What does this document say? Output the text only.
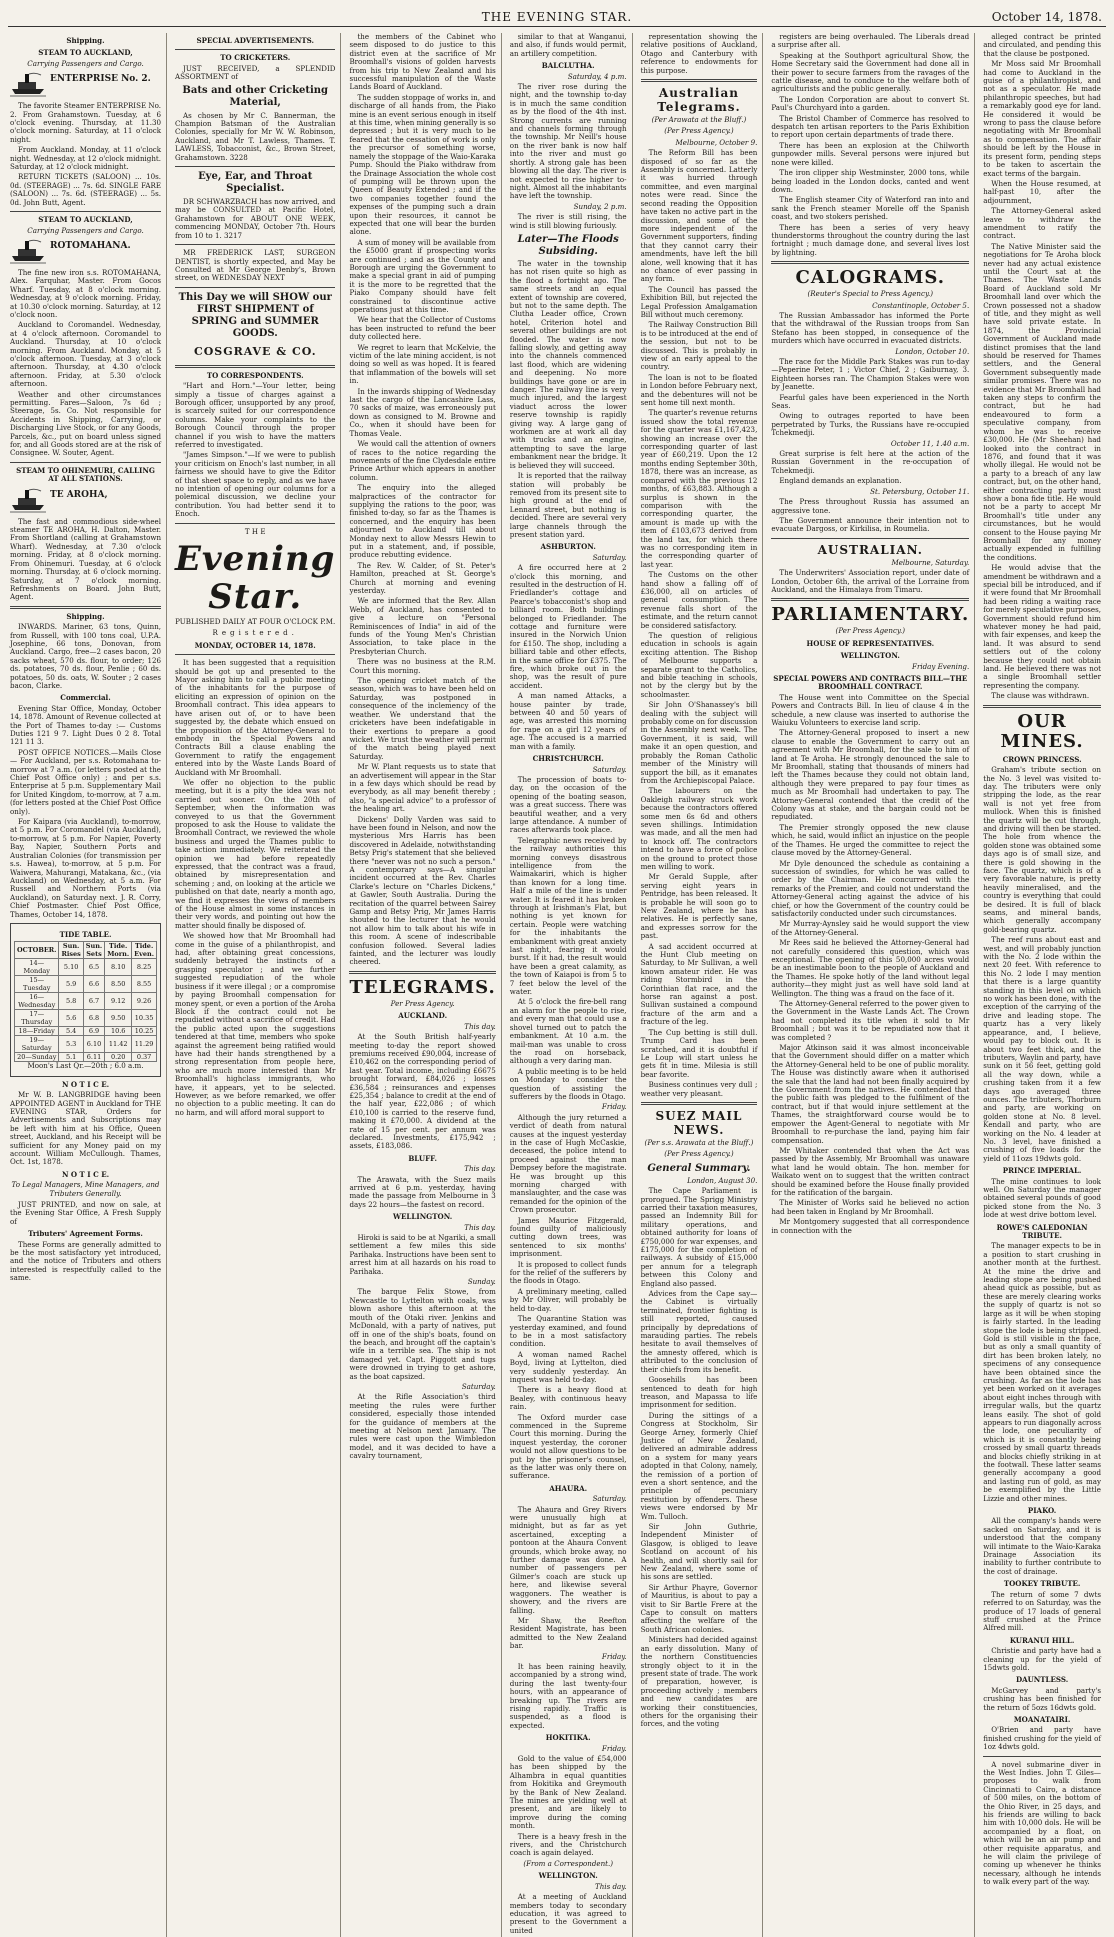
THE EVENING STAR.	October 14, 1878.
Shipping.
STEAM TO AUCKLAND,
Carrying Passengers and Cargo.
ENTERPRISE No. 2.

The favorite Steamer ENTERPRISE No. 2. From Grahamstown. Tuesday, at 6 o'clock evening. Thursday, at 11.30 o'clock morning. Saturday, at 11 o'clock night.

From Auckland. Monday, at 11 o'clock night. Wednesday, at 12 o'clock midnight. Saturday, at 12 o'clock midnight.

RETURN TICKETS (SALOON) ... 10s. 0d. (STEERAGE) ... 7s. 6d. SINGLE FARE (SALOON) ... 7s. 6d. (STEERAGE) ... 5s. 0d. John Butt, Agent.

STEAM TO AUCKLAND,
Carrying Passengers and Cargo.
ROTOMAHANA.

The fine new iron s.s. ROTOMAHANA, Alex. Farquhar, Master. From Gocos Wharf. Tuesday, at 8 o'clock morning. Wednesday, at 9 o'clock morning. Friday, at 10.30 o'clock morning. Saturday, at 12 o'clock noon.

Auckland to Coromandel. Wednesday, at 4 o'clock afternoon. Coromandel to Auckland. Thursday, at 10 o'clock morning. From Auckland. Monday, at 5 o'clock afternoon. Tuesday, at 3 o'clock afternoon. Thursday, at 4.30 o'clock afternoon. Friday, at 5.30 o'clock afternoon.

Weather and other circumstances permitting. Fares—Saloon, 7s 6d ; Steerage, 5s. Co. Not responsible for Accidents in Shipping, Carrying, or Discharging Live Stock, or for any Goods, Parcels, &c., put on board unless signed for, and all Goods stored are at the risk of Consignee. W. Souter, Agent.

STEAM TO OHINEMURI, CALLING AT ALL STATIONS.
TE AROHA,

The fast and commodious side-wheel steamer TE AROHA, H. Dalton, Master. From Shortland (calling at Grahamstown Wharf). Wednesday, at 7.30 o'clock morning. Friday, at 8 o'clock morning. From Ohinemuri. Tuesday, at 6 o'clock morning. Thursday, at 6 o'clock morning. Saturday, at 7 o'clock morning. Refreshments on Board. John Butt, Agent.

Shipping.

INWARDS. Mariner, 63 tons, Quinn, from Russell, with 100 tons coal, U.P.A. Josephine, 66 tons, Donovan, from Auckland. Cargo, free—2 cases bacon, 20 sacks wheat, 570 ds. flour, to order; 126 ds. potatoes, 70 ds. flour, Penlie ; 60 ds. potatoes, 50 ds. oats, W. Souter ; 2 cases bacon, Clarke.

Commercial.

Evening Star Office, Monday, October 14, 1878. Amount of Revenue collected at the Port of Thames to-day :— Customs Duties 121 9 7. Light Dues 0 2 8. Total 121 11 3.

POST OFFICE NOTICES.—Mails Close— For Auckland, per s.s. Rotomahana to-morrow at 7 a.m. (or letters posted at the Chief Post Office only) ; and per s.s. Enterprise at 5 p.m. Supplementary Mail for United Kingdom, to-morrow, at 7 a.m. (for letters posted at the Chief Post Office only).

For Kaipara (via Auckland), to-morrow, at 5 p.m. For Coromandel (via Auckland), to-morrow, at 5 p.m. For Napier, Poverty Bay, Napier, Southern Ports and Australian Colonies (for transmission per s.s. Hawea), to-morrow, at 5 p.m. For Waiwera, Mahurangi, Matakana, &c., (via Auckland) on Wednesday, at 5 a.m. For Russell and Northern Ports (via Auckland), on Saturday next. J. R. Corry, Chief Postmaster. Chief Post Office, Thames, October 14, 1878.

TIDE TABLE.
OCTOBER.	Sun. Rises	Sun. Sets	Tide. Morn.	Tide. Even.
14—Monday	5.10	6.5	8.10	8.25
15—Tuesday	5.9	6.6	8.50	8.55
16—Wednesday	5.8	6.7	9.12	9.26
17—Thursday	5.6	6.8	9.50	10.35
18—Friday	5.4	6.9	10.6	10.25
19—Saturday	5.3	6.10	11.42	11.29
20—Sunday	5.1	6.11	0.20	0.37
Moon's Last Qr.—20th ; 6.0 a.m.
N O T I C E.

Mr W. B. LANGBRIDGE having been APPOINTED AGENT in Auckland for THE EVENING STAR, Orders for Advertisements and Subscriptions may be left with him at his Office, Queen street, Auckland, and his Receipt will be sufficient for any Money paid on my account. William McCullough. Thames, Oct. 1st, 1878.

N O T I C E.
To Legal Managers, Mine Managers, and Tributers Generally.

JUST PRINTED, and now on sale, at the Evening Star Office, A Fresh Supply of

Tributers' Agreement Forms.

These Forms are generally admitted to be the most satisfactory yet introduced, and the notice of Tributers and others interested is respectfully called to the same.

SPECIAL ADVERTISEMENTS.
TO CRICKETERS.

JUST RECEIVED, a SPLENDID ASSORTMENT of

Bats and other Cricketing Material,

As chosen by Mr C. Bannerman, the Champion Batsman of the Australian Colonies, specially for Mr W. W. Robinson, Auckland, and Mr T. Lawless, Thames. T. LAWLESS, Tobacconist, &c., Brown Street, Grahamstown. 3228

Eye, Ear, and Throat Specialist.

DR SCHWARZBACH has now arrived, and may be CONSULTED at Pacific Hotel, Grahamstown for ABOUT ONE WEEK, commencing MONDAY, October 7th. Hours from 10 to 1. 3217

MR FREDERICK LAST, SURGEON DENTIST, is shortly expected, and May be Consulted at Mr George Denby's, Brown street, on WEDNESDAY NEXT

This Day we will SHOW our FIRST SHIPMENT of SPRING and SUMMER GOODS.
COSGRAVE & CO.
TO CORRESPONDENTS.

"Hart and Horn."—Your letter, being simply a tissue of charges against a Borough officer, unsupported by any proof, is scarcely suited for our correspondence columns. Make your complaints to the Borough Council through the proper channel if you wish to have the matters referred to investigated.

"James Simpson."—If we were to publish your criticism on Enoch's last number, in all fairness we should have to give the Editor of that sheet space to reply, and as we have no intention of opening our columns for a polemical discussion, we decline your contribution. You had better send it to Enoch.

T H E
Evening Star.
PUBLISHED DAILY AT FOUR O'CLOCK P.M.
Registered.
MONDAY, OCTOBER 14, 1878.

It has been suggested that a requisition should be got up and presented to the Mayor asking him to call a public meeting of the inhabitants for the purpose of eliciting an expression of opinion on the Broomhall contract. This idea appears to have arisen out of, or to have been suggested by, the debate which ensued on the proposition of the Attorney-General to embody in the Special Powers and Contracts Bill a clause enabling the Government to ratify the engagement entered into by the Waste Lands Board of Auckland with Mr Broomhall.

We offer no objection to the public meeting, but it is a pity the idea was not carried out sooner. On the 20th of September, when the information was conveyed to us that the Government proposed to ask the House to validate the Broomhall Contract, we reviewed the whole business and urged the Thames public to take action immediately. We reiterated the opinion we had before repeatedly expressed, that the contract was a fraud, obtained by misrepresentation and scheming ; and, on looking at the article we published on that date, nearly a month ago, we find it expresses the views of members of the House almost in some instances in their very words, and pointing out how the matter should finally be disposed of.

We showed how that Mr Broomhall had come in the guise of a philanthropist, and had, after obtaining great concessions, suddenly betrayed the instincts of a grasping speculator ; and we further suggested repudiation of the whole business if it were illegal ; or a compromise by paying Broomhall compensation for money spent, or even a portion of the Aroha Block if the contract could not be repudiated without a sacrifice of credit. Had the public acted upon the suggestions tendered at that time, members who spoke against the agreement being ratified would have had their hands strengthened by a strong representation from people here, who are much more interested than Mr Broomhall's highclass immigrants, who have, it appears, yet to be selected. However, as we before remarked, we offer no objection to a public meeting. It can do no harm, and will afford moral support to

the members of the Cabinet who seem disposed to do justice to this district even at the sacrifice of Mr Broomhall's visions of golden harvests from his trip to New Zealand and his successful manipulation of the Waste Lands Board of Auckland.

The sudden stoppage of works in, and discharge of all hands from, the Piako mine is an event serious enough in itself at this time, when mining generally is so depressed ; but it is very much to be feared that the cessation of work is only the precursor of something worse, namely the stoppage of the Waio-Karaka Pump. Should the Piako withdraw from the Drainage Association the whole cost of pumping will be thrown upon the Queen of Beauty Extended ; and if the two companies together found the expenses of the pumping such a drain upon their resources, it cannot be expected that one will bear the burden alone.

A sum of money will be available from the £5000 grant if prospecting works are continued ; and as the County and Borough are urging the Government to make a special grant in aid of pumping it is the more to be regretted that the Piako Company should have felt constrained to discontinue active operations just at this time.

We hear that the Collector of Customs has been instructed to refund the beer duty collected here.

We regret to learn that McKelvie, the victim of the late mining accident, is not doing so well as was hoped. It is feared that inflammation of the bowels will set in.

In the inwards shipping of Wednesday last the cargo of the Lancashire Lass, 70 sacks of maize, was erroneously put down as consigned to M. Browne and Co., when it should have been for Thomas Veale.

We would call the attention of owners of races to the notice regarding the movements of the fine Clydesdale entire Prince Arthur which appears in another column.

The enquiry into the alleged malpractices of the contractor for supplying the rations to the poor, was finished to-day, so far as the Thames is concerned, and the enquiry has been adjourned to Auckland till about Monday next to allow Messrs Hewin to put in a statement, and, if possible, produce rebutting evidence.

The Rev. W. Calder, of St. Peter's Hamilton, preached at St. George's Church at morning and evening yesterday.

We are informed that the Rev. Allan Webb, of Auckland, has consented to give a lecture on "Personal Reminiscences of India" in aid of the funds of the Young Men's Christian Association, to take place in the Presbyterian Church.

There was no business at the R.M. Court this morning.

The opening cricket match of the season, which was to have been held on Saturday, was postponed in consequence of the inclemency of the weather. We understand that the cricketers have been indefatigable in their exertions to prepare a good wicket. We trust the weather will permit of the match being played next Saturday.

Mr W. Plant requests us to state that an advertisement will appear in the Star in a few days which should be read by everybody, as all may benefit thereby ; also, "a special advice" to a professor of the healing art.

Dickens' Dolly Varden was said to have been found in Nelson, and now the mysterious Mrs Harris has been discovered in Adelaide, notwithstanding Betsy Prig's statement that she believed there "never was not no such a person." A contemporary says—A singular incident occurred at the Rev. Charles Clarke's lecture on "Charles Dickens," at Gawler, South Australia. During the recitation of the quarrel between Sairey Gamp and Betsy Prig, Mr James Harris shouted to the lecturer that he would not allow him to talk about his wife in this room. A scene of indescribable confusion followed. Several ladies fainted, and the lecturer was loudly cheered.

TELEGRAMS.
Per Press Agency.
AUCKLAND.
This day.

At the South British half-yearly meeting to-day the report showed premiums received £90,004, increase of £10,462 on the corresponding period of last year. Total income, including £6675 brought forward, £84,026 ; losses £36,584 ; reinsurances and expenses £25,354 ; balance to credit at the end of the half year, £22,086 ; of which £10,100 is carried to the reserve fund, making it £70,000. A dividend at the rate of 15 per cent. per annum was declared. Investments, £175,942 ; assets, £183,086.

BLUFF.
This day.

The Arawata, with the Suez mails arrived at 6 p.m. yesterday, having made the passage from Melbourne in 3 days 22 hours—the fastest on record.

WELLINGTON.
This day.

Hiroki is said to be at Ngariki, a small settlement a few miles this side Parihaka. Instructions have been sent to arrest him at all hazards on his road to Parihaka.

Sunday.

The barque Felix Stowe, from Newcastle to Lyttelton with coals, was blown ashore this afternoon at the mouth of the Otaki river. Jenkins and McDonald, with a party of natives, put off in one of the ship's boats, found on the beach, and brought off the captain's wife in a terrible sea. The ship is not damaged yet. Capt. Piggott and tugs were drowned in trying to get ashore, as the boat capsized.

Saturday.

At the Rifle Association's third meeting the rules were further considered, especially those intended for the guidance of members at the meeting at Nelson next January. The rules were cast upon the Wimbledon model, and it was decided to have a cavalry tournament,

similar to that at Wanganui, and also, if funds would permit, an artillery competition.

BALCLUTHA.
Saturday, 4 p.m.

The river rose during the night, and the township to-day is in much the same condition as by the flood of the 4th inst. Strong currents are running and channels forming through the township. Mr Neill's house on the river bank is now half into the river and must go shortly. A strong gale has been blowing all the day. The river is not expected to rise higher to-night. Almost all the inhabitants have left the township.

Sunday, 2 p.m.

The river is still rising, the wind is still blowing furiously.

Later—The Floods Subsiding.

The water in the township has not risen quite so high as the flood a fortnight ago. The same streets and an equal extent of township are covered, but not to the same depth. The Clutha Leader office, Crown hotel, Criterion hotel and several other buildings are not flooded. The water is now falling slowly, and getting away into the channels commenced last flood, which are widening and deepening. No more buildings have gone or are in danger. The railway line is very much injured, and the largest viaduct across the lower reserve township is rapidly giving way. A large gang of workmen are at work all day with trucks and an engine, attempting to save the large embankment near the bridge. It is believed they will succeed.

It is reported that the railway station will probably be removed from its present site to high ground at the end of Lennard street, but nothing is decided. There are several very large channels through the present station yard.

ASHBURTON.
Saturday.

A fire occurred here at 2 o'clock this morning, and resulted in the destruction of H. Friedlander's cottage and Pearce's tobacconist's shop and billiard room. Both buildings belonged to Friedlander. The cottage and furniture were insured in the Norwich Union for £150. The shop, including a billiard table and other effects, in the same office for £375. The fire, which broke out in the shop, was the result of pure accident.

A man named Attacks, a house painter by trade, between 40 and 50 years of age, was arrested this morning for rape on a girl 12 years of age. The accused is a married man with a family.

CHRISTCHURCH.
Saturday.

The procession of boats to-day, on the occasion of the opening of the boating season, was a great success. There was beautiful weather, and a very large attendance. A number of races afterwards took place.

Telegraphic news received by the railway authorities this morning conveys disastrous intelligence from the Waimakariri, which is higher than known for a long time. Half a mile of the line is under water. It is feared it has broken through at Irishman's Flat, but nothing is yet known for certain. People were watching for the inhabitants the embankment with great anxiety last night, fearing it would burst. If it had, the result would have been a great calamity, as the town of Kaiapoi is from 5 to 7 feet below the level of the water.

At 5 o'clock the fire-bell rang an alarm for the people to rise, and every man that could use a shovel turned out to patch the embankment. At 10 a.m. the mail-man was unable to cross the road on horseback, although a very daring man.

A public meeting is to be held on Monday to consider the question of assisting the sufferers by the floods in Otago.

Friday.

Although the jury returned a verdict of death from natural causes at the inquest yesterday in the case of Hugh McCaskie, deceased, the police intend to proceed against the man Dempsey before the magistrate. He was brought up this morning charged with manslaughter, and the case was remanded for the opinion of the Crown prosecutor.

James Maurice Fitzgerald, found guilty of maliciously cutting down trees, was sentenced to six months' imprisonment.

It is proposed to collect funds for the relief of the sufferers by the floods in Otago.

A preliminary meeting, called by Mr Oliver, will probably be held to-day.

The Quarantine Station was yesterday examined, and found to be in a most satisfactory condition.

A woman named Rachel Boyd, living at Lyttelton, died very suddenly yesterday. An inquest was held to-day.

There is a heavy flood at Bealey, with continuous heavy rain.

The Oxford murder case commenced in the Supreme Court this morning. During the inquest yesterday, the coroner would not allow questions to be put by the prisoner's counsel, as the latter was only there on sufferance.

AHAURA.
Saturday.

The Ahaura and Grey Rivers were unusually high at midnight, but as far as yet ascertained, excepting a pontoon at the Ahaura Convent grounds, which broke away, no further damage was done. A number of passengers per Gilmer's coach are stuck up here, and likewise several waggoners. The weather is showery, and the rivers are falling.

Mr Shaw, the Reefton Resident Magistrate, has been admitted to the New Zealand bar.

Friday.

It has been raining heavily, accompanied by a strong wind, during the last twenty-four hours, with an appearance of breaking up. The rivers are rising rapidly. Traffic is suspended, as a flood is expected.

HOKITIKA.
Friday.

Gold to the value of £54,000 has been shipped by the Alhambra in equal quantities from Hokitika and Greymouth by the Bank of New Zealand. The mines are yielding well at present, and are likely to improve during the coming month.

There is a heavy fresh in the rivers, and the Christchurch coach is again delayed.

(From a Correspondent.)
WELLINGTON.
This day.

At a meeting of Auckland members today to secondary education, it was agreed to present to the Government a united

representation showing the relative positions of Auckland, Otago and Canterbury with reference to endowments for this purpose.

Australian Telegrams.
(Per Arawata at the Bluff.)
(Per Press Agency.)
Melbourne, October 9.

The Reform Bill has been disposed of so far as the Assembly is concerned. Latterly it was hurried through committee, and even marginal notes were read. Since the second reading the Opposition have taken no active part in the discussion, and some of the more independent of the Government supporters, finding that they cannot carry their amendments, have left the bill alone, well knowing that it has no chance of ever passing in any form.

The Council has passed the Exhibition Bill, but rejected the Legal Profession Amalgamation Bill without much ceremony.

The Railway Construction Bill is to be introduced at the end of the session, but not to be discussed. This is probably in view of an early appeal to the country.

The loan is not to be floated in London before February next, and the debentures will not be sent home till next month.

The quarter's revenue returns issued show the total revenue for the quarter was £1,167,423, showing an increase over the corresponding quarter of last year of £60,219. Upon the 12 months ending September 30th, 1878, there was an increase, as compared with the previous 12 months, of £63,883. Although a surplus is shown in the comparison with the corresponding quarter, the amount is made up with the item of £103,673 derived from the land tax, for which there was no corresponding item in the corresponding quarter of last year.

The Customs on the other hand show a falling off of £36,000, all on articles of general consumption. The revenue falls short of the estimate, and the return cannot be considered satisfactory.

The question of religious education in schools is again exciting attention. The Bishop of Melbourne supports a separate grant to the Catholics, and bible teaching in schools, not by the clergy but by the schoolmaster.

Sir John O'Shanassey's bill dealing with the subject will probably come on for discussion in the Assembly next week. The Government, it is said, will make it an open question, and probably the Roman Catholic member of the Ministry will support the bill, as it emanates from the Archiepiscopal Palace.

The labourers on the Oakleigh railway struck work because the contractors offered some men 6s 6d and others seven shillings. Intimidation was made, and all the men had to knock off. The contractors intend to have a force of police on the ground to protect those men willing to work.

Mr Gerald Supple, after serving eight years in Pentridge, has been released. It is probable he will soon go to New Zealand, where he has relatives. He is perfectly sane, and expresses sorrow for the past.

A sad accident occurred at the Hunt Club meeting on Saturday, to Mr Sullivan, a well known amateur rider. He was riding Stormbird in the Corinthian flat race, and the horse ran against a post. Sullivan sustained a compound fracture of the arm and a fracture of the leg.

The Cup betting is still dull. Trump Card has been scratched, and it is doubtful if Le Loup will start unless he gets fit in time. Milesia is still bear favorite.

Business continues very dull ; weather very pleasant.

SUEZ MAIL NEWS.
(Per s.s. Arawata at the Bluff.)
(Per Press Agency.)
General Summary.
London, August 30.

The Cape Parliament is prorogued. The Sprigg Ministry carried their taxation measures, passed an Indemnity Bill for military operations, and obtained authority for loans of £750,000 for war expenses, and £175,000 for the completion of railways. A subsidy of £15,000 per annum for a telegraph between this Colony and England also passed.

Advices from the Cape say—the Cabinet is virtually terminated, frontier fighting is still reported, caused principally by depredations of marauding parties. The rebels hesitate to avail themselves of the amnesty offered, which is attributed to the conclusion of their chiefs from its benefit.

Goosehills has been sentenced to death for high treason, and Mapassa to life imprisonment for sedition.

During the sittings of a Congress at Stockholm, Sir George Arney, formerly Chief Justice of New Zealand, delivered an admirable address on a system for many years adopted in that Colony, namely, the remission of a portion of even a short sentence, and the principle of pecuniary restitution by offenders. These views were endorsed by Mr Wm. Tulloch.

Sir John Guthrie, Independent Minister of Glasgow, is obliged to leave Scotland on account of his health, and will shortly sail for New Zealand, where some of his sons are settled.

Sir Arthur Phayre, Governor of Mauritius, is about to pay a visit to Sir Bartle Frere at the Cape to consult on matters affecting the welfare of the South African colonies.

Ministers had decided against an early dissolution. Many of the northern Constituencies strongly object to it in the present state of trade. The work of preparation, however, is proceeding actively ; members and new candidates are working their constituencies, others for the organising their forces, and the voting

registers are being overhauled. The Liberals dread a surprise after all.

Speaking at the Southport agricultural Show, the Home Secretary said the Government had done all in their power to secure farmers from the ravages of the cattle disease, and to conduce to the welfare both of agriculturists and the public generally.

The London Corporation are about to convert St. Paul's Churchyard into a garden.

The Bristol Chamber of Commerce has resolved to despatch ten artisan reporters to the Paris Exhibition to report upon certain departments of trade there.

There has been an explosion at the Chilworth gunpowder mills. Several persons were injured but none were killed.

The iron clipper ship Westminster, 2000 tons, while being loaded in the London docks, canted and went down.

The English steamer City of Waterford ran into and sank the French steamer Morelle off the Spanish coast, and two stokers perished.

There has been a series of very heavy thunderstorms throughout the country during the last fortnight ; much damage done, and several lives lost by lightning.

CALOGRAMS.
(Reuter's Special to Press Agency.)
Constantinople, October 5.

The Russian Ambassador has informed the Porte that the withdrawal of the Russian troops from San Stefano has been stopped, in consequence of the murders which have occurred in evacuated districts.

London, October 10.

The race for the Middle Park Stakes was run to-day—Peperine Peter, 1 ; Victor Chief, 2 ; Gaiburnay, 3. Eighteen horses ran. The Champion Stakes were won by Jeanette.

Fearful gales have been experienced in the North Seas.

Owing to outrages reported to have been perpetrated by Turks, the Russians have re-occupied Tchekmedji.

October 11, 1.40 a.m.

Great surprise is felt here at the action of the Russian Government in the re-occupation of Tchekmedji.

England demands an explanation.

St. Petersburg, October 11.

The Press throughout Russia has assumed an aggressive tone.

The Government announce their intention not to evacuate Dargoss, or Kirkilisa, in Roumelia.

AUSTRALIAN.
Melbourne, Saturday.

The Underwriters' Association report, under date of London, October 6th, the arrival of the Lorraine from Auckland, and the Himalaya from Timaru.

PARLIAMENTARY.
(Per Press Agency.)
HOUSE OF REPRESENTATIVES.
WELLINGTON.
Friday Evening.
SPECIAL POWERS AND CONTRACTS BILL—THE BROOMHALL CONTRACT.

The House went into Committee on the Special Powers and Contracts Bill. In lieu of clause 4 in the schedule, a new clause was inserted to authorise the Waiuku Volunteers to exercise land scrip.

The Attorney-General proposed to insert a new clause to enable the Government to carry out an agreement with Mr Broomhall, for the sale to him of land at Te Aroha. He strongly denounced the sale to Mr Broomhall, stating that thousands of miners had left the Thames because they could not obtain land, although they were prepared to pay four times as much as Mr Broomhall had undertaken to pay. The Attorney-General contended that the credit of the Colony was at stake, and the bargain could not be repudiated.

The Premier strongly opposed the new clause which, he said, would inflict an injustice on the people of the Thames. He urged the committee to reject the clause moved by the Attorney-General.

Mr Dyle denounced the schedule as containing a succession of swindles, for which he was called to order by the Chairman. He concurred with the remarks of the Premier, and could not understand the Attorney-General acting against the advice of his chief, or how the Government of the country could be satisfactorily conducted under such circumstances.

Mr Murray-Aynsley said he would support the view of the Attorney-General.

Mr Rees said he believed the Attorney-General had not carefully considered this question, which was exceptional. The opening of this 50,000 acres would be an inestimable boon to the people of Auckland and the Thames. He spoke hotly of the land without legal authority—they might just as well have sold land at Wellington. The thing was a fraud on the face of it.

The Attorney-General referred to the power given to the Government in the Waste Lands Act. The Crown had not completed its title when it sold to Mr Broomhall ; but was it to be repudiated now that it was completed ?

Major Atkinson said it was almost inconceivable that the Government should differ on a matter which the Attorney-General held to be one of public morality. The House was distinctly aware when it authorised the sale that the land had not been finally acquired by the Government from the natives. He contended that the public faith was pledged to the fulfilment of the contract, but if that would injure settlement at the Thames, the straightforward course would be to empower the Agent-General to negotiate with Mr Broomhall to re-purchase the land, paying him fair compensation.

Mr Whitaker contended that when the Act was passed by the Assembly, Mr Broomhall was unaware what land he would obtain. The hon. member for Waikato went on to suggest that the written contract should be examined before the House finally provided for the ratification of the bargain.

The Minister of Works said he believed no action had been taken in England by Mr Broomhall.

Mr Montgomery suggested that all correspondence in connection with the

alleged contract be printed and circulated, and pending this that the clause be postponed.

Mr Moss said Mr Broomhall had come to Auckland in the guise of a philanthropist, and not as a speculator. He made philanthropic speeches, but had a remarkably good eye for land. He considered it would be wrong to pass the clause before negotiating with Mr Broomhall as to compensation. The affair should be left by the House in its present form, pending steps to be taken to ascertain the exact terms of the bargain.

When the House resumed, at half-past 10, after the adjournment,

The Attorney-General asked leave to withdraw the amendment to ratify the contract.

The Native Minister said the negotiations for Te Aroha block never had any actual existence until the Court sat at the Thames. The Waste Lands Board of Auckland sold Mr Broomhall land over which the Crown possessed not a shadow of title, and they might as well have sold private estate. In 1874, the Provincial Government of Auckland made distinct promises that the land should be reserved for Thames settlers, and the General Government subsequently made similar promises. There was no evidence that Mr Broomhall had taken any steps to confirm the contract, but he had endeavoured to form a speculative company, from whom he was to receive £30,000. He (Mr Sheehan) had looked into the contract in 1876, and found that it was wholly illegal. He would not be a party to a breach of any law contract, but, on the other hand, either contracting party must show a bona fide title. He would not be a party to accept Mr Broomhall's title under any circumstances, but he would consent to the House paying Mr Broomhall for any money actually expended in fulfilling the conditions.

He would advise that the amendment be withdrawn and a special bill be introduced, and if it were found that Mr Broomhall had been riding a waiting race for merely speculative purposes, Government should refund him whatever money he had paid, with fair expenses, and keep the land. It was absurd to send settlers out of the colony because they could not obtain land. He believed there was not a single Broomhall settler representing the company.

The clause was withdrawn.

OUR MINES.
CROWN PRINCESS.

Graham's tribute section on the No. 3 level was visited to-day. The tributers were only stripping the lode, as the rear wall is not yet free from mullock. When this is finished the quartz will be cut through, and driving will then be started. The hole from whence the golden stone was obtained some days ago is of small size, and there is gold showing in the face. The quartz, which is of a very favorable nature, is pretty heavily mineralised, and the country is everything that could be desired. It is full of black seams, and mineral bands, which generally accompany gold-bearing quartz.

The reef runs about east and west, and will probably junction with the No. 2 lode within the next 20 feet. With reference to this No. 2 lode I may mention that there is a large quantity standing in this level on which no work has been done, with the exception of the carrying of the drive and leading stope. The quartz has a very likely appearance, and, I believe, would pay to block out. It is about two feet thick, and the tributers, Waylin and party, have sunk on it 56 feet, getting gold all the way down, while a crushing taken from it a few days ago averaged three ounces. The tributers, Thorburn and party, are working on golden stone at No. 8 level. Kendall and party, who are working on the No. 4 leader at No. 3 level, have finished a crushing of five loads for the yield of 11ozs 19dwts gold.

PRINCE IMPERIAL.

The mine continues to look well. On Saturday the manager obtained several pounds of good picked stone from the No. 3 lode at west drive bottom level.

ROWE'S CALEDONIAN TRIBUTE.

The manager expects to be in a position to start crushing in another month at the furthest. At the mine the drive and leading stope are being pushed ahead quick as possible, but as these are merely clearing works the supply of quartz is not so large as it will be when stoping is fairly started. In the leading stope the lode is being stripped. Gold is still visible in the face, but as only a small quantity of dirt has been broken lately, no specimens of any consequence have been obtained since the crushing. As far as the lode has yet been worked on it averages about eight inches through with irregular walls, but the quartz leans easily. The shot of gold appears to run diagonally across the lode, one peculiarity of which is it is constantly being crossed by small quartz threads and blocks chiefly striking in at the footwall. These latter seams generally accompany a good and lasting run of gold, as may be exemplified by the Little Lizzie and other mines.

PIAKO.

All the company's hands were sacked on Saturday, and it is understood that the company will intimate to the Waio-Karaka Drainage Association its inability to further contribute to the cost of drainage.

TOOKEY TRIBUTE.

The return of some 7 dwts referred to on Saturday, was the produce of 17 loads of general stuff crushed at the Prince Alfred mill.

KURANUI HILL.

Christie and party have had a cleaning up for the yield of 15dwts gold.

DAUNTLESS.

McGarvey and party's crushing has been finished for the return of 5ozs 16dwts gold.

MOANATAIRI.

O'Brien and party have finished crushing for the yield of 1oz 4dwts gold.

A novel submarine diver in the West Indies. John T. Giles—proposes to walk from Cincinnati to Cairo, a distance of 500 miles, on the bottom of the Ohio River, in 25 days, and his friends are willing to back him with 10,000 dols. He will be accompanied by a float, on which will be an air pump and other requisite apparatus, and he will claim the privilege of coming up whenever he thinks necessary, although he intends to walk every part of the way.
